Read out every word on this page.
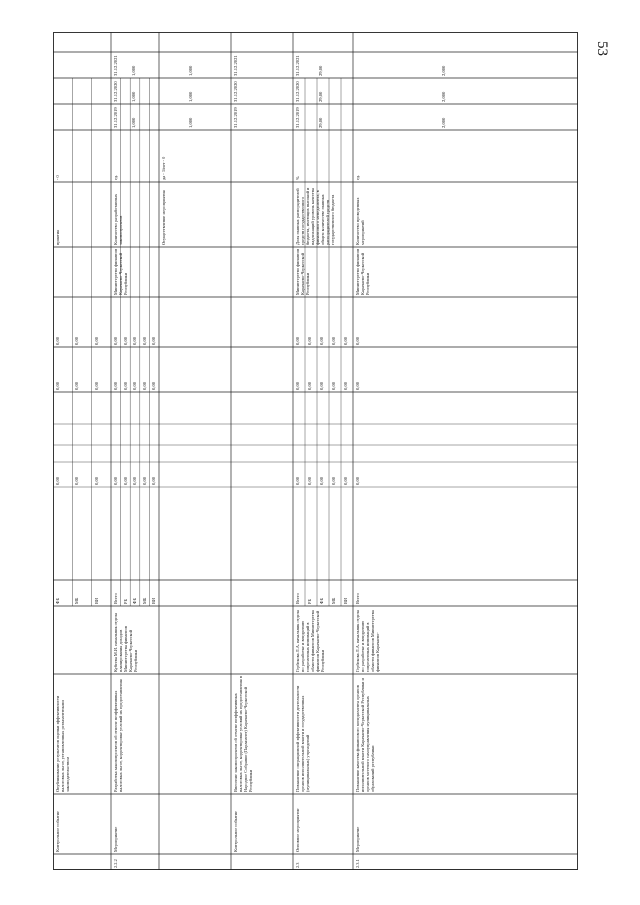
53
Контрольное событие
Опубликование результатов оценки эффективности налоговых льгот, установленных регламентными законодательством
ФБ
0,00
0,00
0,00
МБ
0,00
0,00
0,00
ВИ
0,00
0,00
0,00
приятия
- 0
2.2.2
Мероприятие
Разработка законопроектов об отмене неэффективных налоговых льгот, корректировке условий их предоставления
Кубеева М.И. начальник отдела планирования доходов Министерства финансов Карачаево-Черкесской Республики
Всего
0,00
0,00
0,00
РБ
0,00
0,00
0,00
ФБ
0,00
0,00
0,00
МБ
0,00
0,00
0,00
ВИ
0,00
0,00
0,00
Министерство финансов Карачаево-Черкесской Республики
Количество разработанных законопроектов
ед.
31.12.2019
31.12.2020
31.12.2021
1,000
1,000
1,000
Осуществление мероприятия
да - 1/нет - 0
1,000
1,000
1,000
Контрольное событие
Внесение законопроектов об отмене неэффективных налоговых льгот, корректировке условий их предоставления в Народное Собрание (Парламент) Карачаево-Черкесской Республики
31.12.2019
31.12.2020
31.12.2021
2.3
Основное мероприятие
Повышение операционной эффективности деятельности органов исполнительной власти и государственных (муниципальных) учреждений
Гербекова Л.А. начальник отдела по разработке и внедрению современных инноваций в области финансов Министерства финансов Карачаево-Черкесской Республики
Всего
0,00
0,00
0,00
РБ
0,00
0,00
0,00
ФБ
0,00
0,00
0,00
МБ
0,00
0,00
0,00
ВИ
0,00
0,00
0,00
Министерство финансов Карачаево-Черкесской Республики
Доля главных распорядителей средств государственного бюджета, имеющих высокий и надлежащий уровень качества финансового менеджмента, в общем количестве главных распорядителей средств государственного бюджета
%
31.12.2019
31.12.2020
31.12.2021
29,00
29,00
29,00
2.3.1
Мероприятие
Повышение качества финансового менеджмента органов исполнительной власти Карачаево-Черкесской Республики и органов местного самоуправления муниципальных образований республики
Гербекова Л.А. начальник отдела по разработке и внедрению современных инноваций в области финансов Министерства финансов Карачаево-
Всего
0,00
0,00
0,00
Министерство финансов Карачаево-Черкесской Республики
Количество проведенных мероприятий
ед.
2,000
2,000
2,000
